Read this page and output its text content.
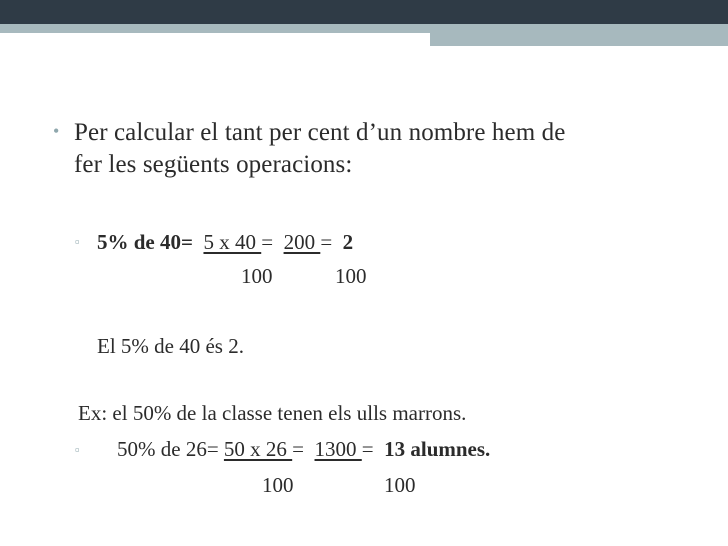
• Per calcular el tant per cent d’un nombre hem de
fer les següents operacions:
▫ 5% de 40= 5 x 40 = 200 = 2
100	100
El 5% de 40 és 2.
Ex: el 50% de la classe tenen els ulls marrons.
▫ 50% de 26= 50 x 26 = 1300 = 13 alumnes.
100	100
